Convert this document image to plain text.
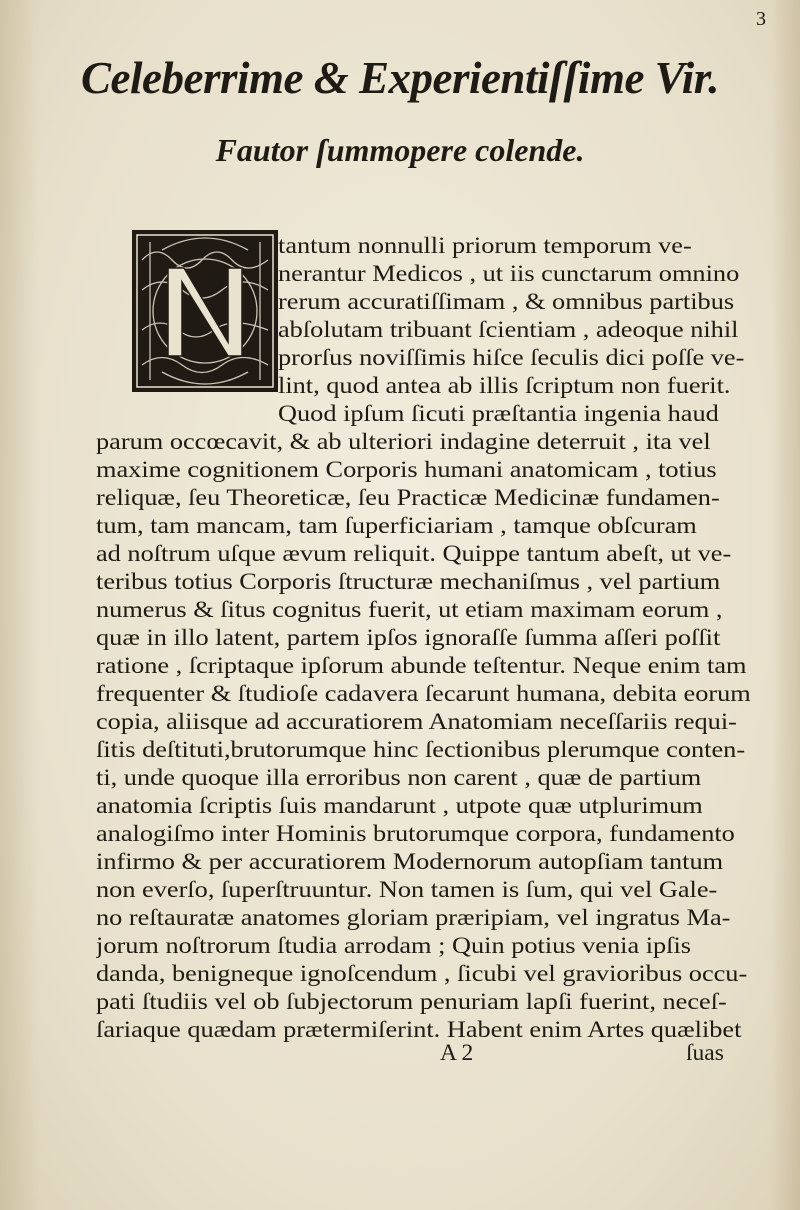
3
Celeberrime & Experientiſſime Vir.
Fautor ſummopere colende.
tantum nonnulli priorum temporum ve-
nerantur Medicos , ut iis cunctarum omnino
rerum accuratiſſimam , & omnibus partibus
abſolutam tribuant ſcientiam , adeoque nihil
prorſus noviſſimis hiſce ſeculis dici poſſe ve-
lint, quod antea ab illis ſcriptum non fuerit.
Quod ipſum ſicuti præſtantia ingenia haud
parum occœcavit, & ab ulteriori indagine deterruit , ita vel
maxime cognitionem Corporis humani anatomicam , totius
reliquæ, ſeu Theoreticæ, ſeu Practicæ Medicinæ fundamen-
tum, tam mancam, tam ſuperficiariam , tamque obſcuram
ad noſtrum uſque ævum reliquit. Quippe tantum abeſt, ut ve-
teribus totius Corporis ſtructuræ mechaniſmus , vel partium
numerus & ſitus cognitus fuerit, ut etiam maximam eorum ,
quæ in illo latent, partem ipſos ignoraſſe ſumma aſſeri poſſit
ratione , ſcriptaque ipſorum abunde teſtentur. Neque enim tam
frequenter & ſtudioſe cadavera ſecarunt humana, debita eorum
copia, aliisque ad accuratiorem Anatomiam neceſſariis requi-
ſitis deſtituti,brutorumque hinc ſectionibus plerumque conten-
ti, unde quoque illa erroribus non carent , quæ de partium
anatomia ſcriptis ſuis mandarunt , utpote quæ utplurimum
analogiſmo inter Hominis brutorumque corpora, fundamento
infirmo & per accuratiorem Modernorum autopſiam tantum
non everſo, ſuperſtruuntur. Non tamen is ſum, qui vel Gale-
no reſtauratæ anatomes gloriam præripiam, vel ingratus Ma-
jorum noſtrorum ſtudia arrodam ; Quin potius venia ipſis
danda, benigneque ignoſcendum , ſicubi vel gravioribus occu-
pati ſtudiis vel ob ſubjectorum penuriam lapſi fuerint, neceſ-
ſariaque quædam prætermiſerint. Habent enim Artes quælibet
A 2	ſuas
